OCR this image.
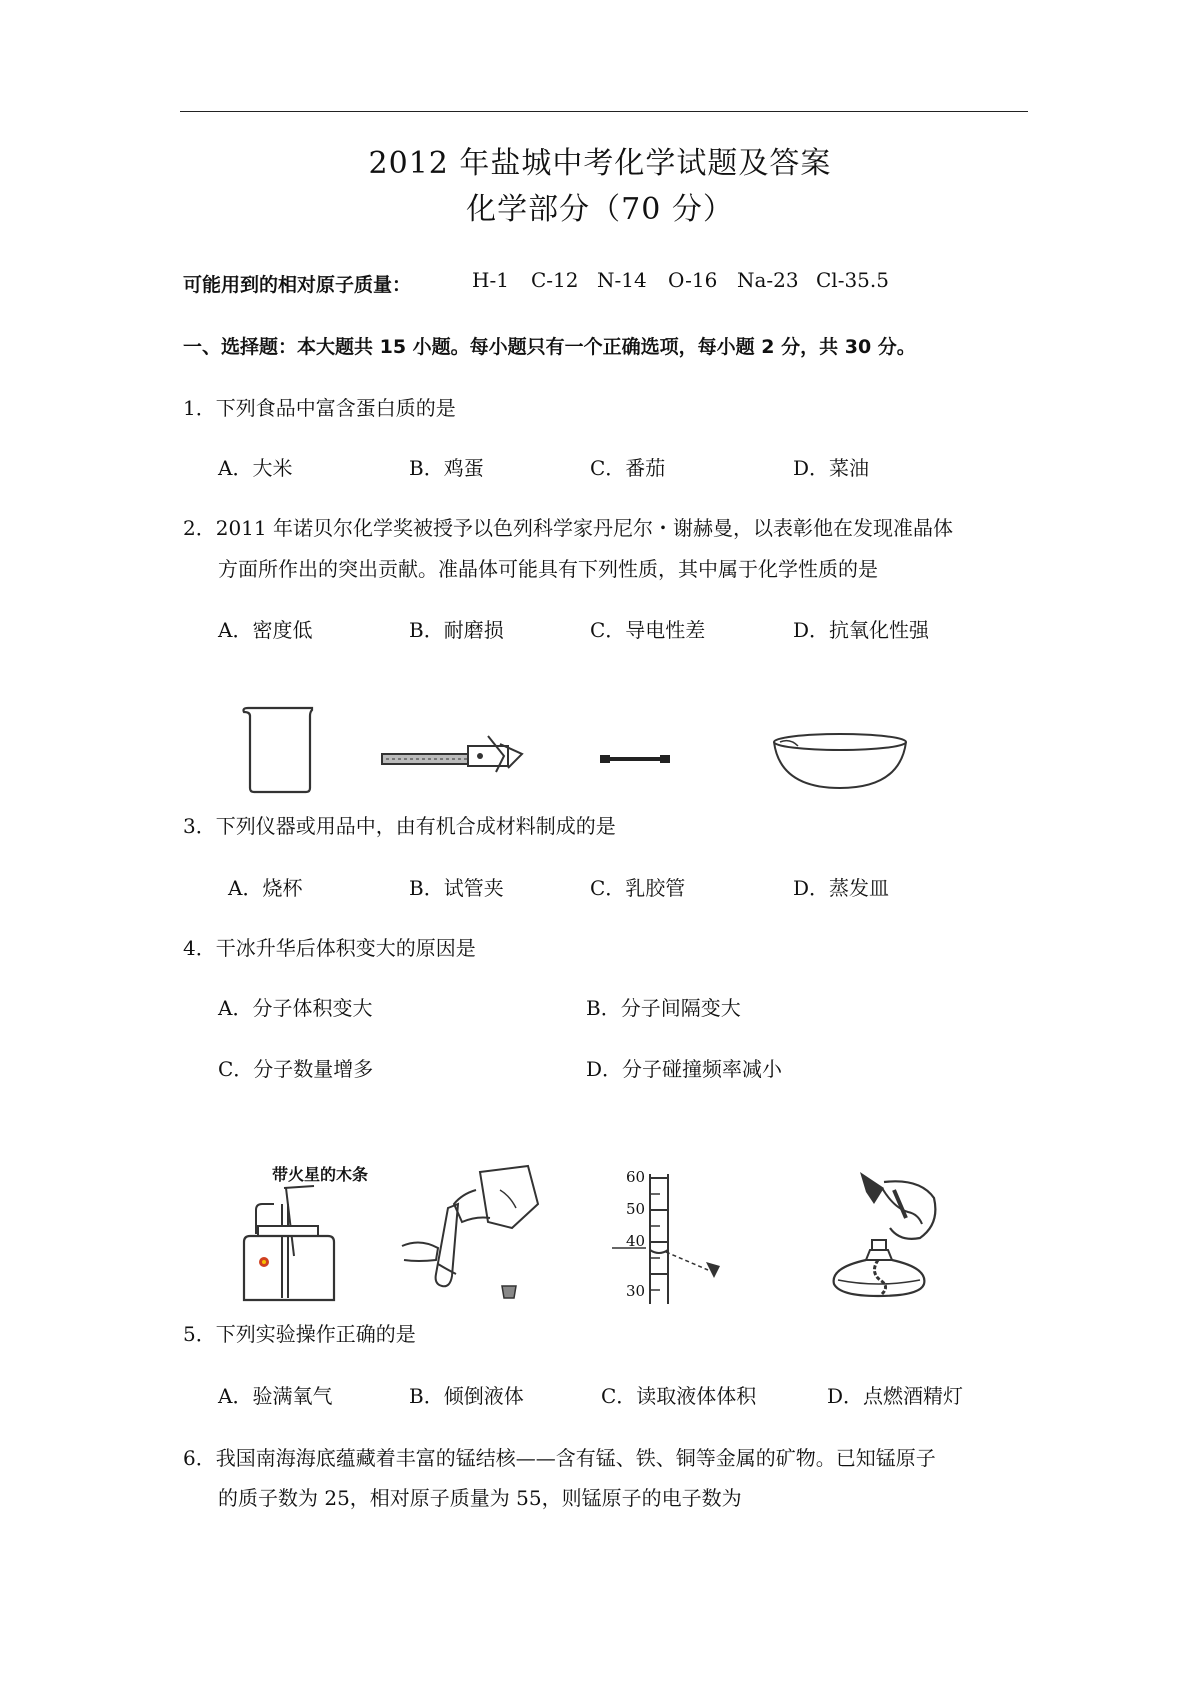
2012 年盐城中考化学试题及答案
化学部分（70 分）
可能用到的相对原子质量：	H-1 C-12 N-14 O-16 Na-23 Cl-35.5
一、选择题：本大题共 15 小题。每小题只有一个正确选项，每小题 2 分，共 30 分。
1．下列食品中富含蛋白质的是
A．大米	B．鸡蛋	C．番茄	D．菜油
2．2011 年诺贝尔化学奖被授予以色列科学家丹尼尔・谢赫曼，以表彰他在发现准晶体
方面所作出的突出贡献。准晶体可能具有下列性质，其中属于化学性质的是
A．密度低	B．耐磨损	C．导电性差	D．抗氧化性强
3．下列仪器或用品中，由有机合成材料制成的是
A．烧杯	B．试管夹	C．乳胶管	D．蒸发皿
4．干冰升华后体积变大的原因是
A．分子体积变大	B．分子间隔变大
C．分子数量增多	D．分子碰撞频率减小
带火星的木条	60
50
40
30
5．下列实验操作正确的是
A．验满氧气	B．倾倒液体	C．读取液体体积	D．点燃酒精灯
6．我国南海海底蕴藏着丰富的锰结核——含有锰、铁、铜等金属的矿物。已知锰原子
的质子数为 25，相对原子质量为 55，则锰原子的电子数为
